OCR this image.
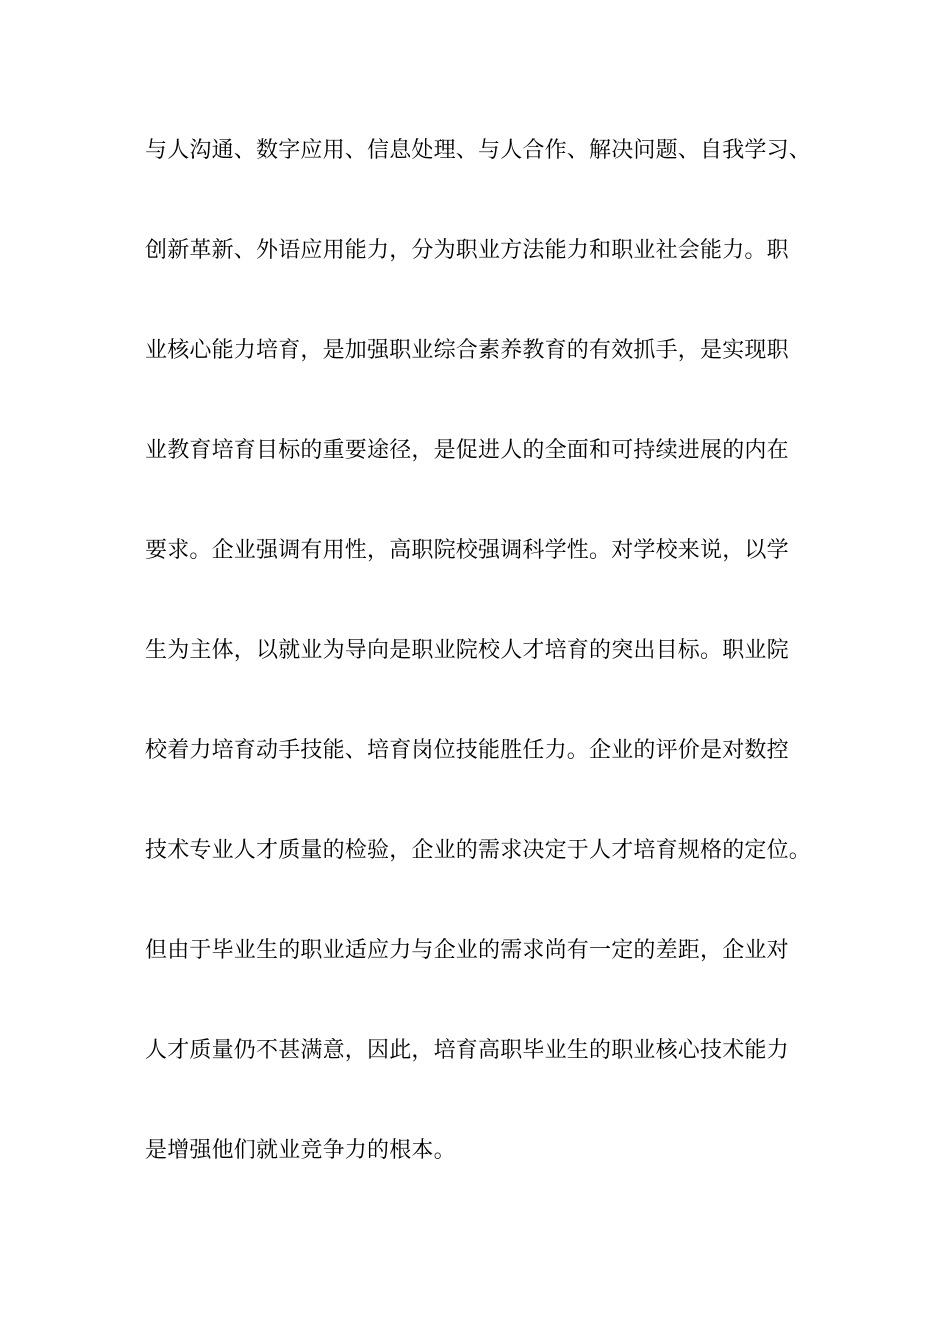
与人沟通、数字应用、信息处理、与人合作、解决问题、自我学习、
创新革新、外语应用能力，分为职业方法能力和职业社会能力。职
业核心能力培育，是加强职业综合素养教育的有效抓手，是实现职
业教育培育目标的重要途径，是促进人的全面和可持续进展的内在
要求。企业强调有用性，高职院校强调科学性。对学校来说，以学
生为主体，以就业为导向是职业院校人才培育的突出目标。职业院
校着力培育动手技能、培育岗位技能胜任力。企业的评价是对数控
技术专业人才质量的检验，企业的需求决定于人才培育规格的定位。
但由于毕业生的职业适应力与企业的需求尚有一定的差距，企业对
人才质量仍不甚满意，因此，培育高职毕业生的职业核心技术能力
是增强他们就业竞争力的根本。
